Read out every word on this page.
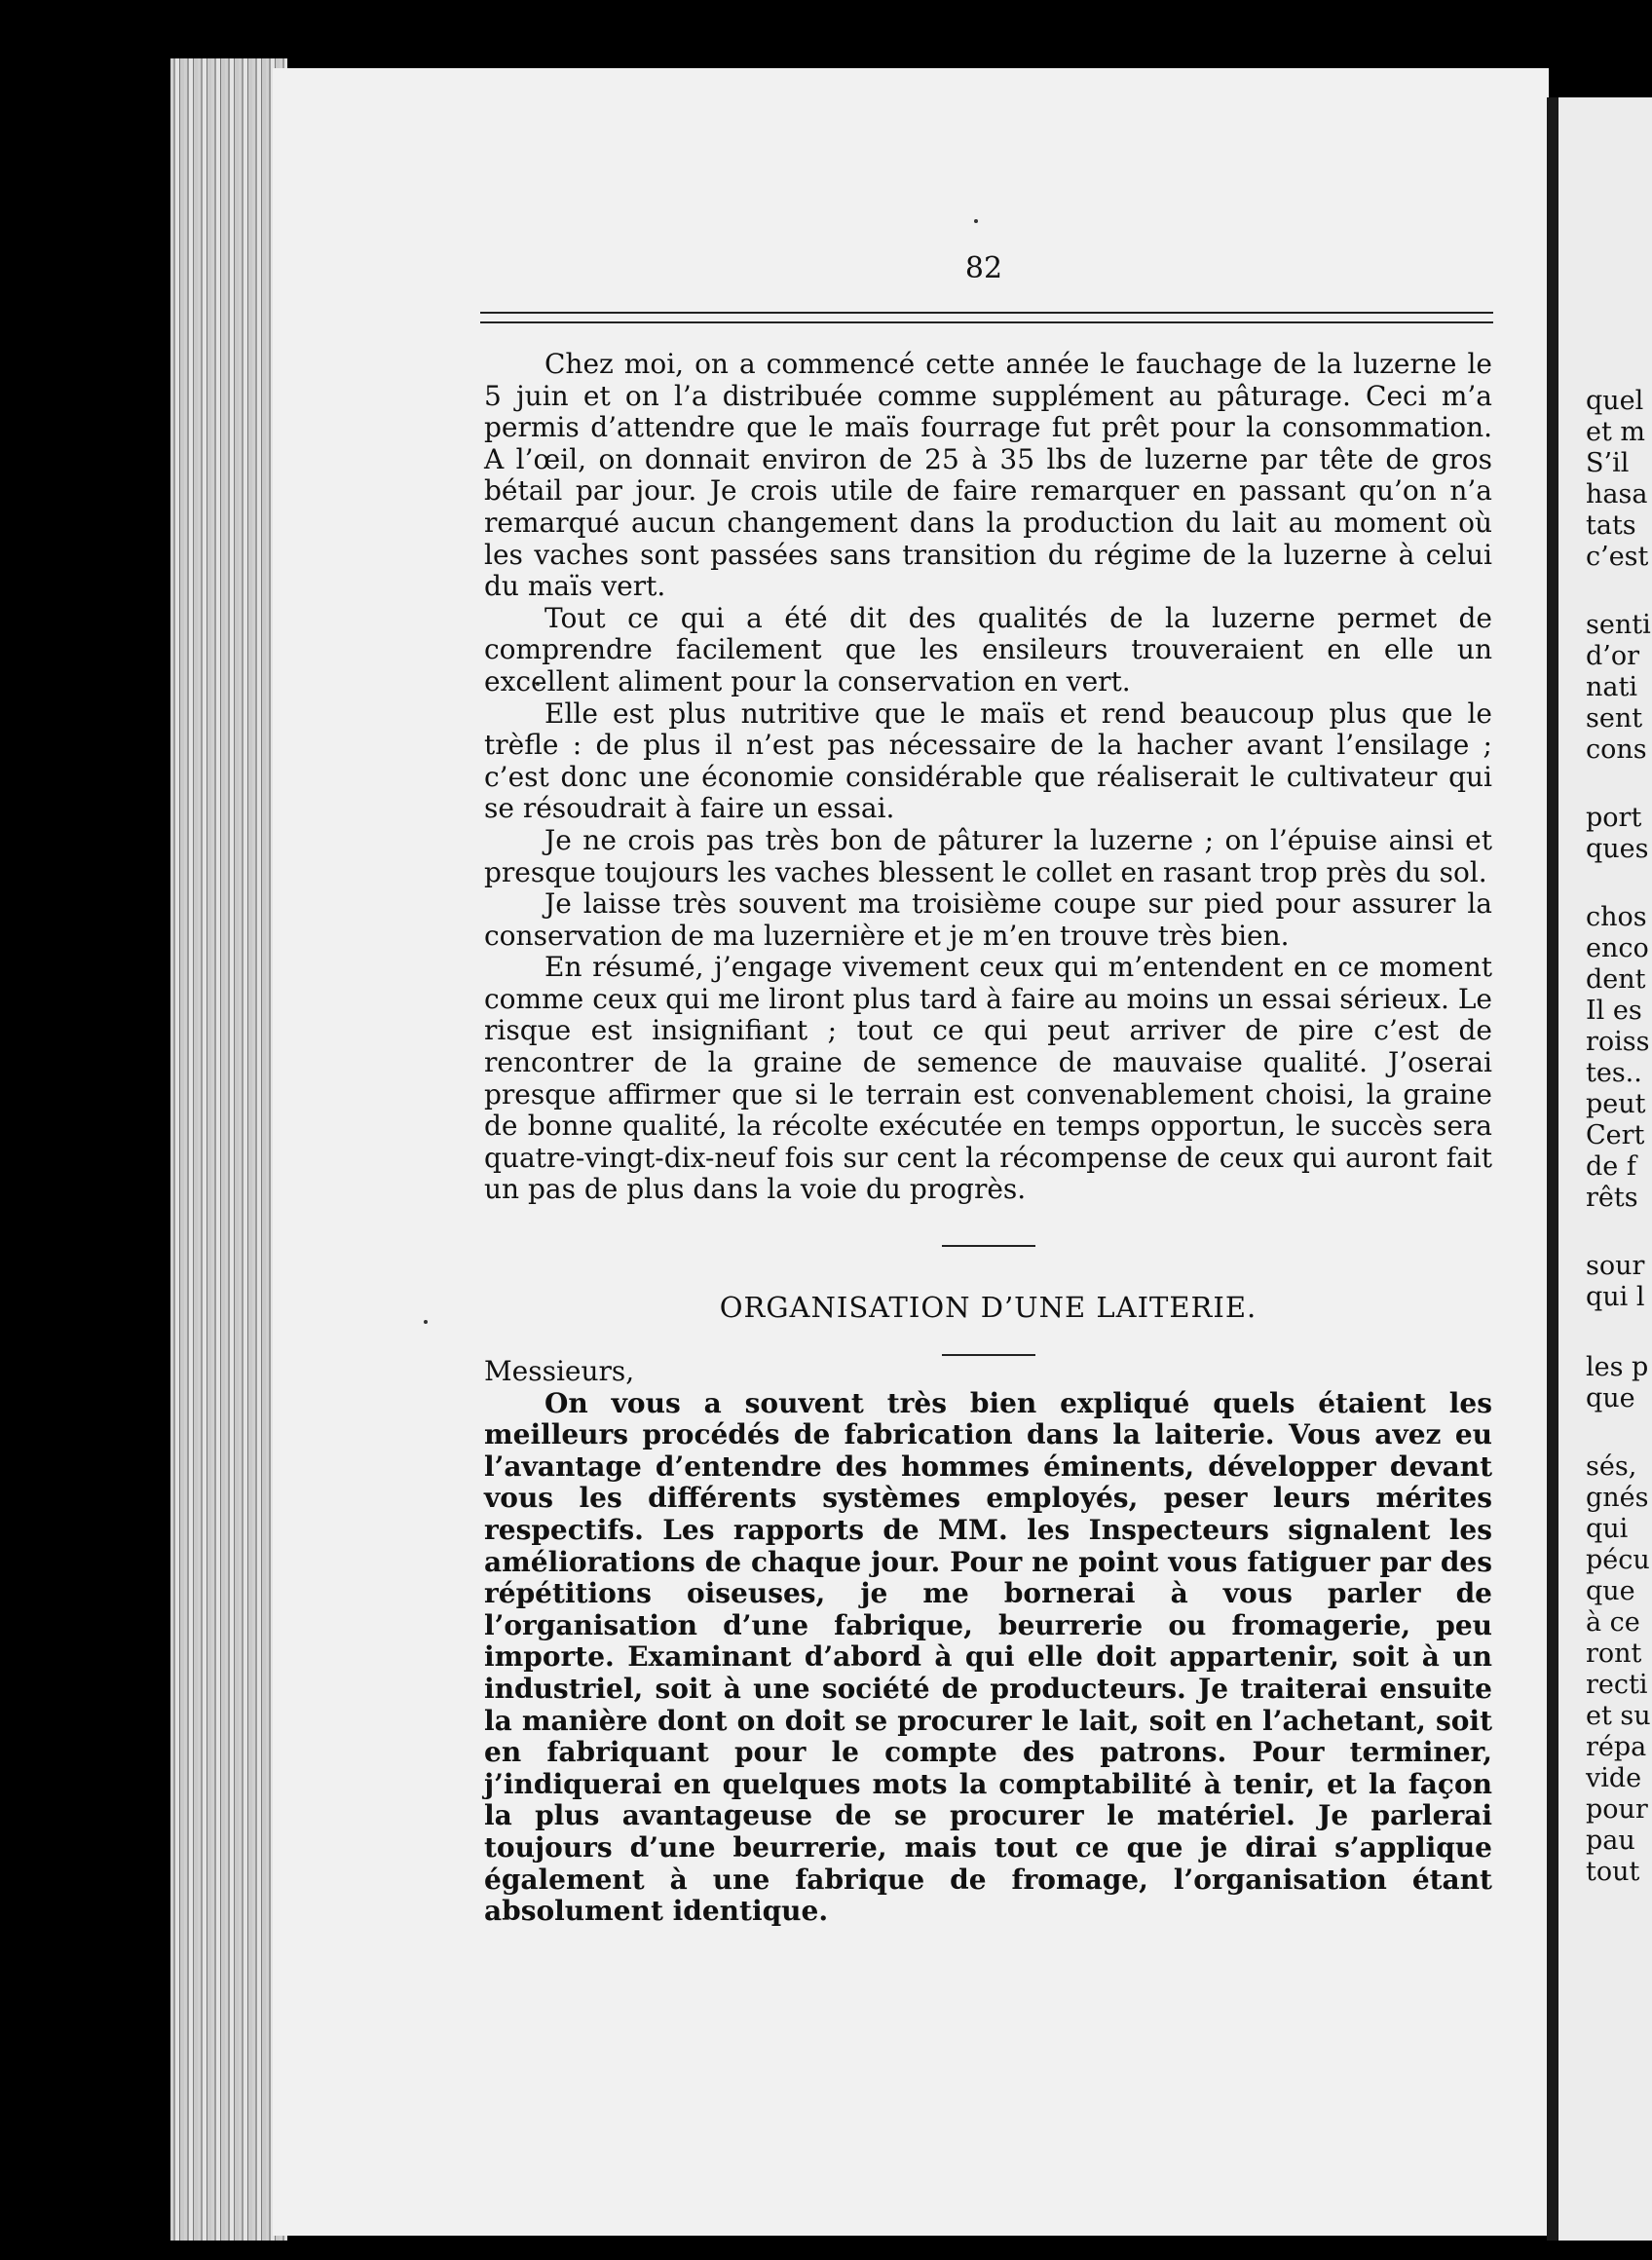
quel
et m
S’il
hasa
tats
c’est
senti
d’or
nati
sent
cons
port
ques
chos
enco
dent
Il es
roiss
tes..
peut
Cert
de f
rêts
sour
qui l
les p
que
sés,
gnés
qui
pécu
que
à ce
ront
recti
et su
répa
vide
pour
pau
tout
82

Chez moi, on a commencé cette année le fauchage de la luzerne le 5 juin et on l’a distribuée comme supplément au pâturage. Ceci m’a permis d’attendre que le maïs fourrage fut prêt pour la consommation. A l’œil, on donnait environ de 25 à 35 lbs de luzerne par tête de gros bétail par jour. Je crois utile de faire remarquer en passant qu’on n’a remarqué aucun changement dans la production du lait au moment où les vaches sont passées sans transition du régime de la luzerne à celui du maïs vert.

Tout ce qui a été dit des qualités de la luzerne permet de comprendre facilement que les ensileurs trouveraient en elle un excellent aliment pour la conservation en vert.

Elle est plus nutritive que le maïs et rend beaucoup plus que le trèfle : de plus il n’est pas nécessaire de la hacher avant l’ensilage ; c’est donc une économie considérable que réaliserait le cultivateur qui se résoudrait à faire un essai.

Je ne crois pas très bon de pâturer la luzerne ; on l’épuise ainsi et presque toujours les vaches blessent le collet en rasant trop près du sol.

Je laisse très souvent ma troisième coupe sur pied pour assurer la conservation de ma luzernière et je m’en trouve très bien.

En résumé, j’engage vivement ceux qui m’entendent en ce moment comme ceux qui me liront plus tard à faire au moins un essai sérieux. Le risque est insignifiant ; tout ce qui peut arriver de pire c’est de rencontrer de la graine de semence de mauvaise qualité. J’oserai presque affirmer que si le terrain est convenablement choisi, la graine de bonne qualité, la récolte exécutée en temps opportun, le succès sera quatre-vingt-dix-neuf fois sur cent la récompense de ceux qui auront fait un pas de plus dans la voie du progrès.

ORGANISATION D’UNE LAITERIE.

Messieurs,

On vous a souvent très bien expliqué quels étaient les meilleurs procédés de fabrication dans la laiterie. Vous avez eu l’avantage d’entendre des hommes éminents, développer devant vous les différents systèmes employés, peser leurs mérites respectifs. Les rapports de MM. les Inspecteurs signalent les améliorations de chaque jour. Pour ne point vous fatiguer par des répétitions oiseuses, je me bornerai à vous parler de l’organisation d’une fabrique, beurrerie ou fromagerie, peu importe. Examinant d’abord à qui elle doit appartenir, soit à un industriel, soit à une société de producteurs. Je traiterai ensuite la manière dont on doit se procurer le lait, soit en l’achetant, soit en fabriquant pour le compte des patrons. Pour terminer, j’indiquerai en quelques mots la comptabilité à tenir, et la façon la plus avantageuse de se procurer le matériel. Je parlerai toujours d’une beurrerie, mais tout ce que je dirai s’applique également à une fabrique de fromage, l’organisation étant absolument identique.
